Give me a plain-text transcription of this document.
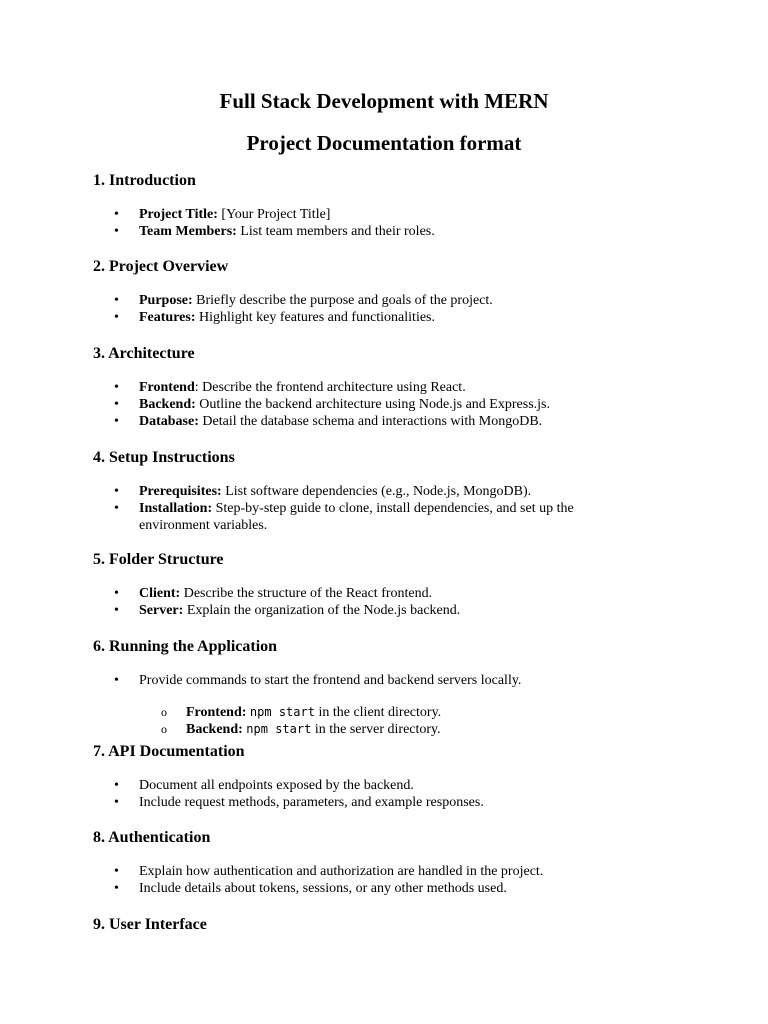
Full Stack Development with MERN
Project Documentation format
1. Introduction
• Project Title: [Your Project Title]
• Team Members: List team members and their roles.
2. Project Overview
• Purpose: Briefly describe the purpose and goals of the project.
• Features: Highlight key features and functionalities.
3. Architecture
• Frontend: Describe the frontend architecture using React.
• Backend: Outline the backend architecture using Node.js and Express.js.
• Database: Detail the database schema and interactions with MongoDB.
4. Setup Instructions
• Prerequisites: List software dependencies (e.g., Node.js, MongoDB).
• Installation: Step-by-step guide to clone, install dependencies, and set up the environment variables.
5. Folder Structure
• Client: Describe the structure of the React frontend.
• Server: Explain the organization of the Node.js backend.
6. Running the Application
• Provide commands to start the frontend and backend servers locally.
o Frontend: npm start in the client directory.
o Backend: npm start in the server directory.
7. API Documentation
• Document all endpoints exposed by the backend.
• Include request methods, parameters, and example responses.
8. Authentication
• Explain how authentication and authorization are handled in the project.
• Include details about tokens, sessions, or any other methods used.
9. User Interface
